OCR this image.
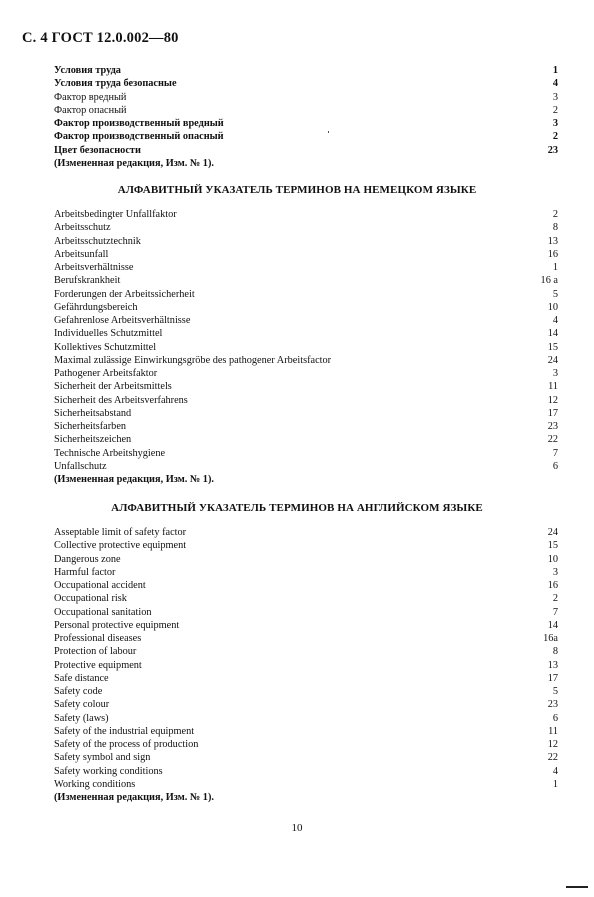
С. 4 ГОСТ 12.0.002—80
Условия труда	1
Условия труда безопасные	4
Фактор вредный	3
Фактор опасный	2
Фактор производственный вредный	3
Фактор производственный опасный	2
Цвет безопасности	23
(Измененная редакция, Изм. № 1).
АЛФАВИТНЫЙ УКАЗАТЕЛЬ ТЕРМИНОВ НА НЕМЕЦКОМ ЯЗЫКЕ
Arbeitsbedingter Unfallfaktor	2
Arbeitsschutz	8
Arbeitsschutztechnik	13
Arbeitsunfall	16
Arbeitsverhältnisse	1
Berufskrankheit	16 a
Forderungen der Arbeitssicherheit	5
Gefährdungsbereich	10
Gefahrenlose Arbeitsverhältnisse	4
Individuelles Schutzmittel	14
Kollektives Schutzmittel	15
Maximal zulässige Einwirkungsgröbe des pathogener Arbeitsfactor	24
Pathogener Arbeitsfaktor	3
Sicherheit der Arbeitsmittels	11
Sicherheit des Arbeitsverfahrens	12
Sicherheitsabstand	17
Sicherheitsfarben	23
Sicherheitszeichen	22
Technische Arbeitshygiene	7
Unfallschutz	6
(Измененная редакция, Изм. № 1).
АЛФАВИТНЫЙ УКАЗАТЕЛЬ ТЕРМИНОВ НА АНГЛИЙСКОМ ЯЗЫКЕ
Asseptable limit of safety factor	24
Collective protective equipment	15
Dangerous zone	10
Harmful factor	3
Occupational accident	16
Occupational risk	2
Occupational sanitation	7
Personal protective equipment	14
Professional diseases	16a
Protection of labour	8
Protective equipment	13
Safe distance	17
Safety code	5
Safety colour	23
Safety (laws)	6
Safety of the industrial equipment	11
Safety of the process of production	12
Safety symbol and sign	22
Safety working conditions	4
Working conditions	1
(Измененная редакция, Изм. № 1).
10
